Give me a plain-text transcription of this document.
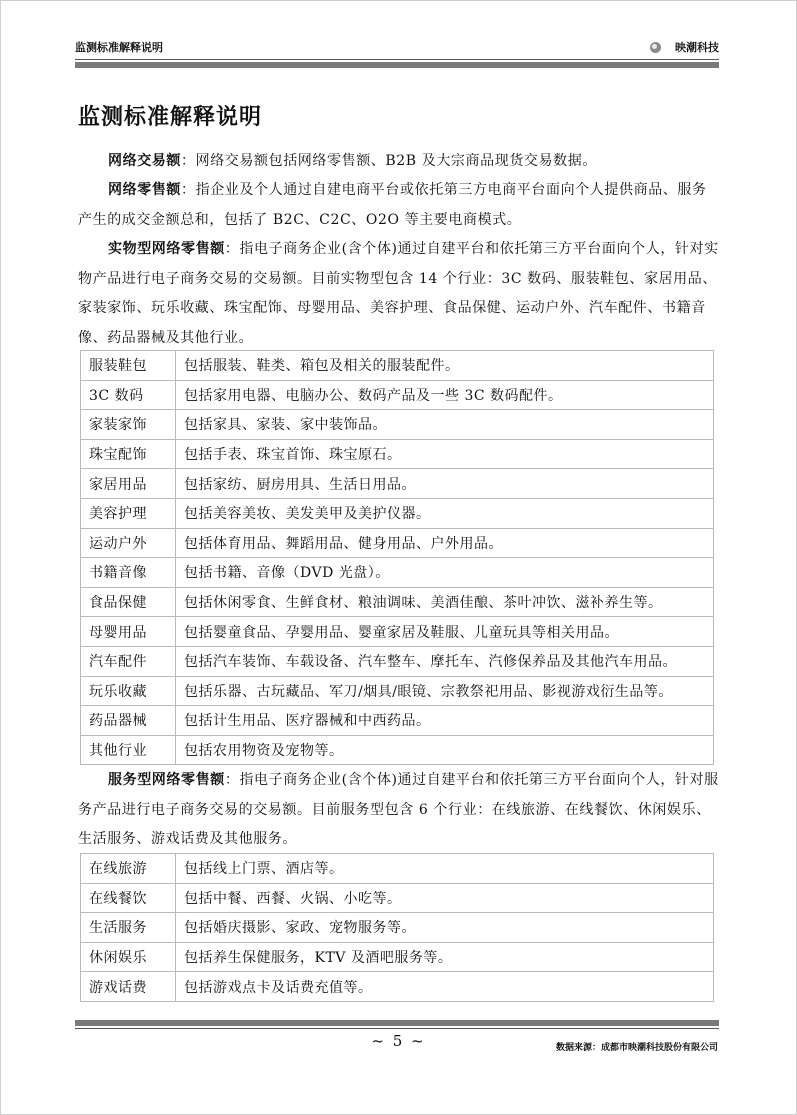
监测标准解释说明	映潮科技
监测标准解释说明
网络交易额：网络交易额包括网络零售额、B2B 及大宗商品现货交易数据。
网络零售额：指企业及个人通过自建电商平台或依托第三方电商平台面向个人提供商品、服务产生的成交金额总和，包括了 B2C、C2C、O2O 等主要电商模式。
实物型网络零售额：指电子商务企业(含个体)通过自建平台和依托第三方平台面向个人，针对实物产品进行电子商务交易的交易额。目前实物型包含 14 个行业：3C 数码、服装鞋包、家居用品、家装家饰、玩乐收藏、珠宝配饰、母婴用品、美容护理、食品保健、运动户外、汽车配件、书籍音像、药品器械及其他行业。
服装鞋包	包括服装、鞋类、箱包及相关的服装配件。
3C 数码	包括家用电器、电脑办公、数码产品及一些 3C 数码配件。
家装家饰	包括家具、家装、家中装饰品。
珠宝配饰	包括手表、珠宝首饰、珠宝原石。
家居用品	包括家纺、厨房用具、生活日用品。
美容护理	包括美容美妆、美发美甲及美护仪器。
运动户外	包括体育用品、舞蹈用品、健身用品、户外用品。
书籍音像	包括书籍、音像（DVD 光盘）。
食品保健	包括休闲零食、生鲜食材、粮油调味、美酒佳酿、茶叶冲饮、滋补养生等。
母婴用品	包括婴童食品、孕婴用品、婴童家居及鞋服、儿童玩具等相关用品。
汽车配件	包括汽车装饰、车载设备、汽车整车、摩托车、汽修保养品及其他汽车用品。
玩乐收藏	包括乐器、古玩藏品、军刀/烟具/眼镜、宗教祭祀用品、影视游戏衍生品等。
药品器械	包括计生用品、医疗器械和中西药品。
其他行业	包括农用物资及宠物等。
服务型网络零售额：指电子商务企业(含个体)通过自建平台和依托第三方平台面向个人，针对服务产品进行电子商务交易的交易额。目前服务型包含 6 个行业：在线旅游、在线餐饮、休闲娱乐、生活服务、游戏话费及其他服务。
在线旅游	包括线上门票、酒店等。
在线餐饮	包括中餐、西餐、火锅、小吃等。
生活服务	包括婚庆摄影、家政、宠物服务等。
休闲娱乐	包括养生保健服务，KTV 及酒吧服务等。
游戏话费	包括游戏点卡及话费充值等。
~ 5 ~	数据来源：成都市映潮科技股份有限公司
